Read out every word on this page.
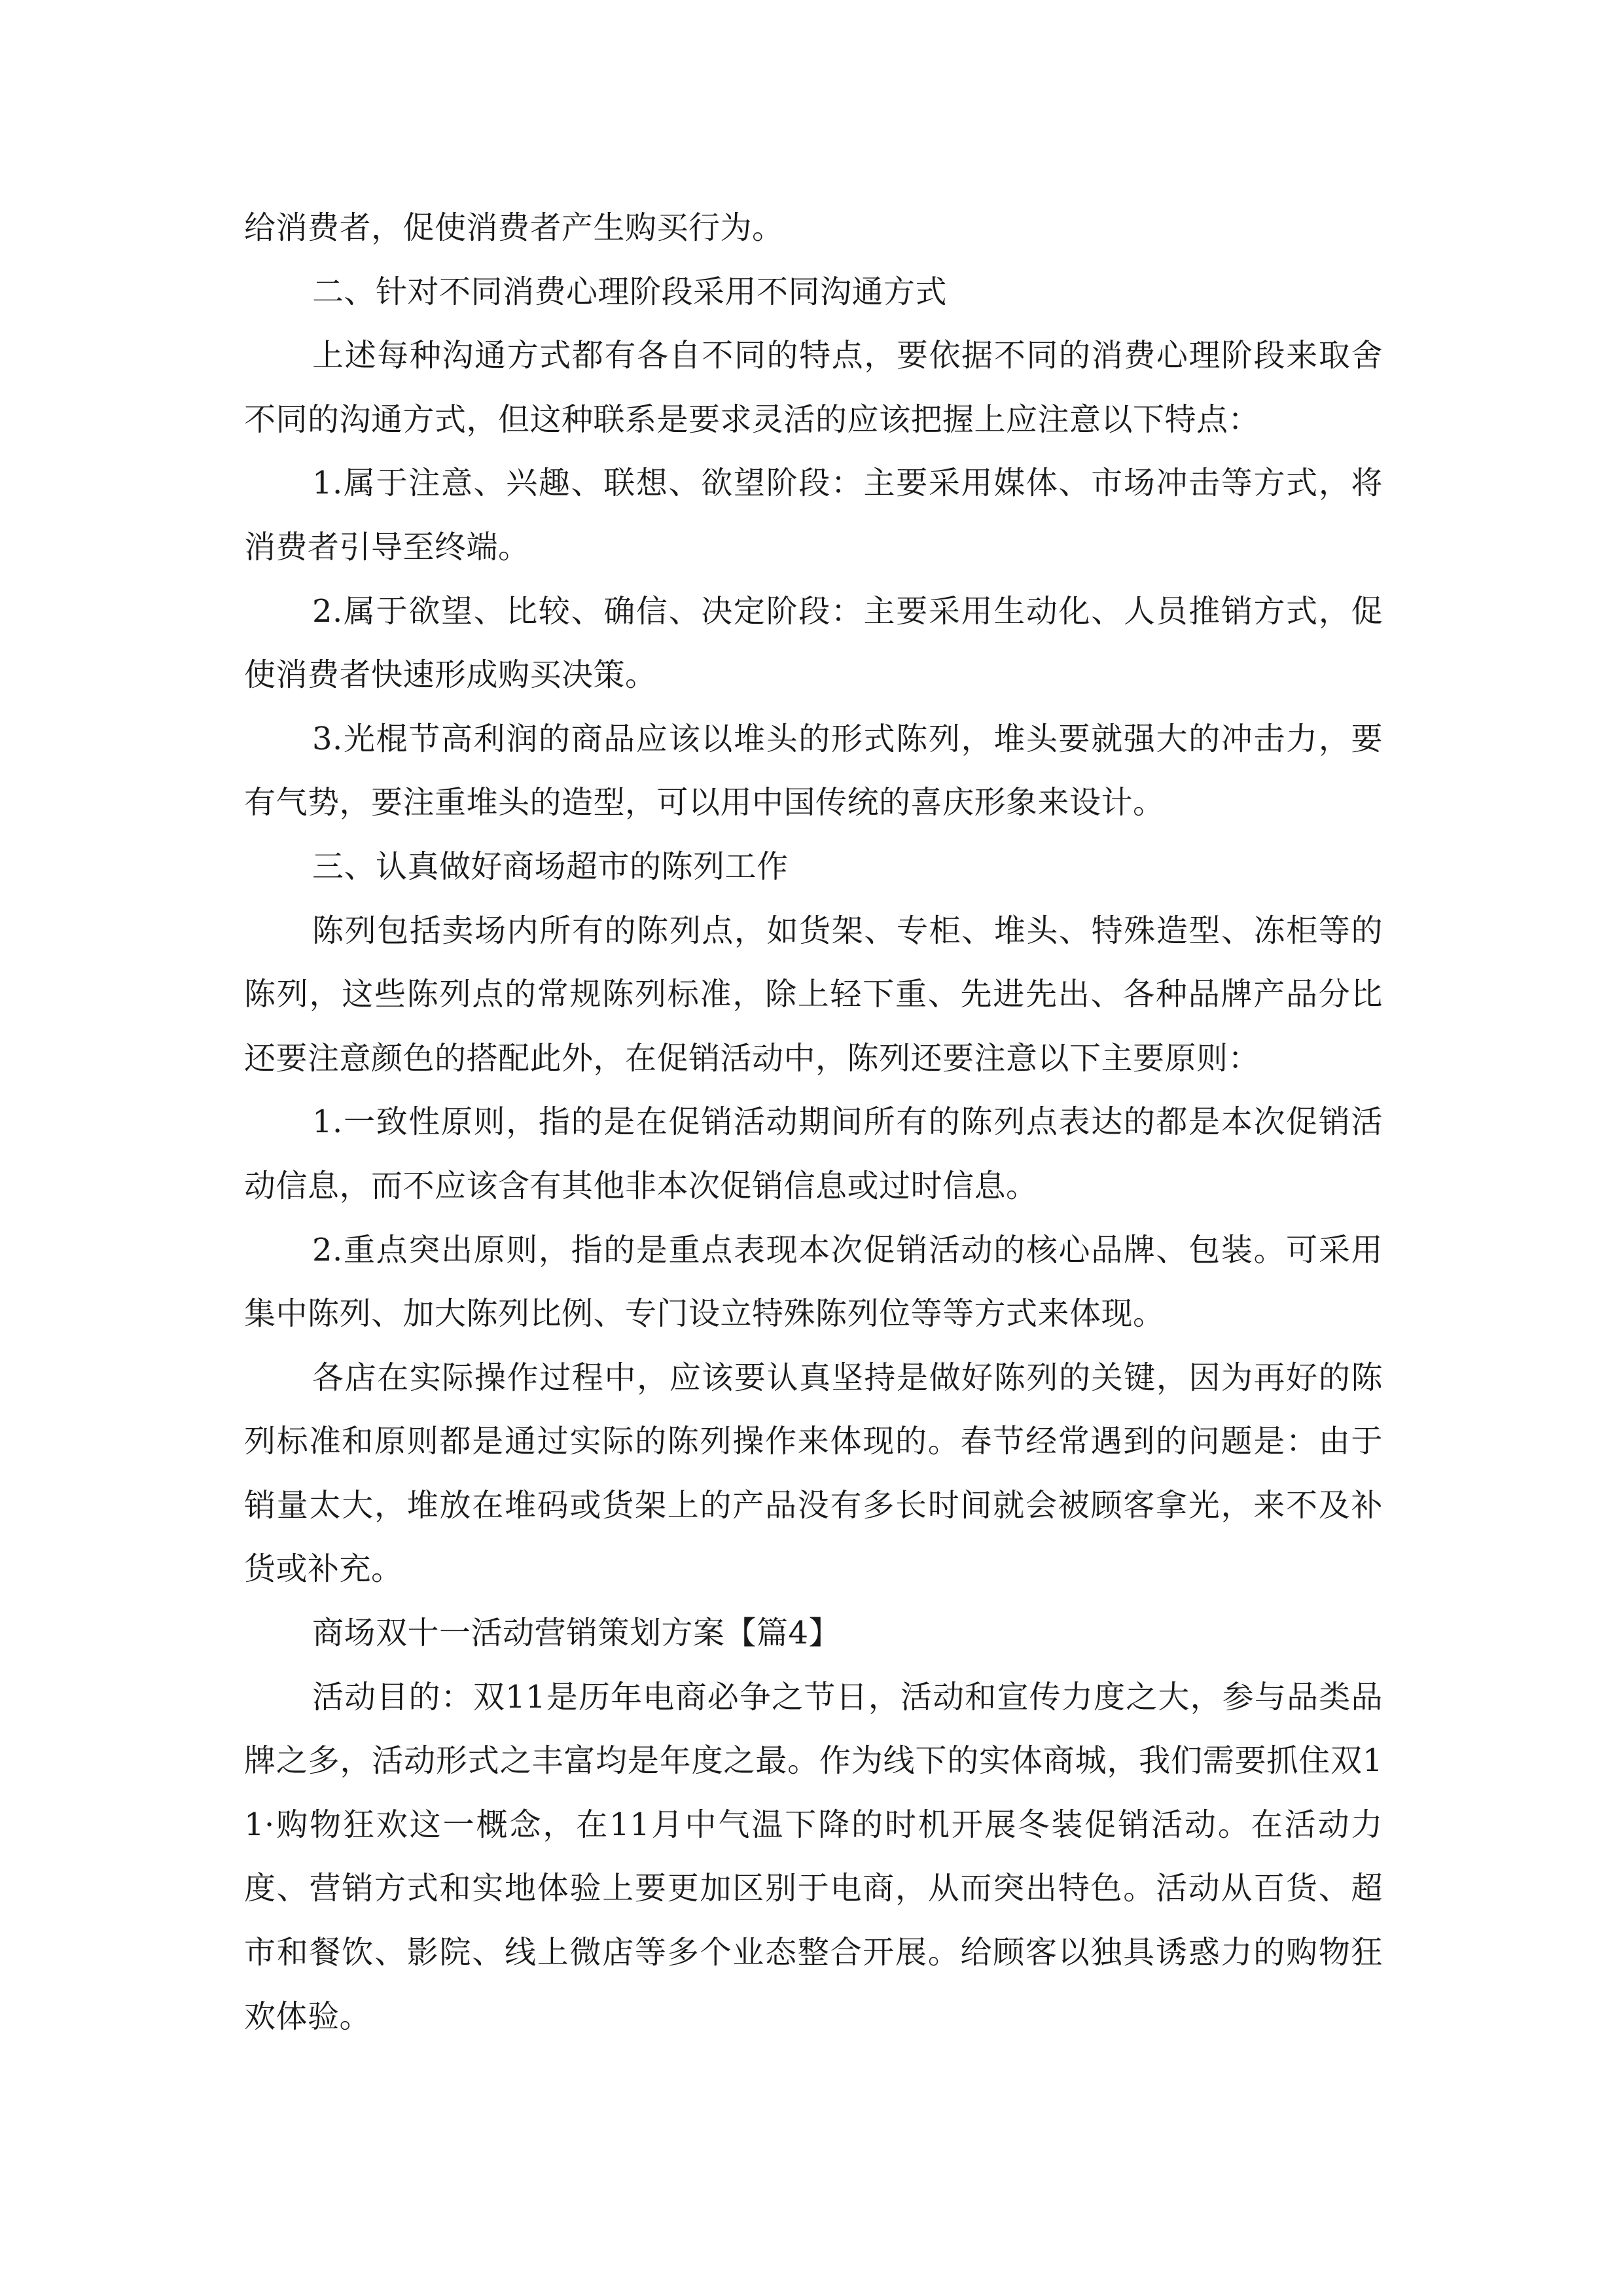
给消费者，促使消费者产生购买行为。

二、针对不同消费心理阶段采用不同沟通方式

上述每种沟通方式都有各自不同的特点，要依据不同的消费心理阶段来取舍不同的沟通方式，但这种联系是要求灵活的应该把握上应注意以下特点：

1.属于注意、兴趣、联想、欲望阶段：主要采用媒体、市场冲击等方式，将消费者引导至终端。

2.属于欲望、比较、确信、决定阶段：主要采用生动化、人员推销方式，促使消费者快速形成购买决策。

3.光棍节高利润的商品应该以堆头的形式陈列，堆头要就强大的冲击力，要有气势，要注重堆头的造型，可以用中国传统的喜庆形象来设计。

三、认真做好商场超市的陈列工作

陈列包括卖场内所有的陈列点，如货架、专柜、堆头、特殊造型、冻柜等的陈列，这些陈列点的常规陈列标准，除上轻下重、先进先出、各种品牌产品分比还要注意颜色的搭配此外，在促销活动中，陈列还要注意以下主要原则：

1.一致性原则，指的是在促销活动期间所有的陈列点表达的都是本次促销活动信息，而不应该含有其他非本次促销信息或过时信息。

2.重点突出原则，指的是重点表现本次促销活动的核心品牌、包装。可采用集中陈列、加大陈列比例、专门设立特殊陈列位等等方式来体现。

各店在实际操作过程中，应该要认真坚持是做好陈列的关键，因为再好的陈列标准和原则都是通过实际的陈列操作来体现的。春节经常遇到的问题是：由于销量太大，堆放在堆码或货架上的产品没有多长时间就会被顾客拿光，来不及补货或补充。

商场双十一活动营销策划方案【篇4】

活动目的：双11是历年电商必争之节日，活动和宣传力度之大，参与品类品牌之多，活动形式之丰富均是年度之最。作为线下的实体商城，我们需要抓住双11·购物狂欢这一概念，在11月中气温下降的时机开展冬装促销活动。在活动力度、营销方式和实地体验上要更加区别于电商，从而突出特色。活动从百货、超市和餐饮、影院、线上微店等多个业态整合开展。给顾客以独具诱惑力的购物狂欢体验。
